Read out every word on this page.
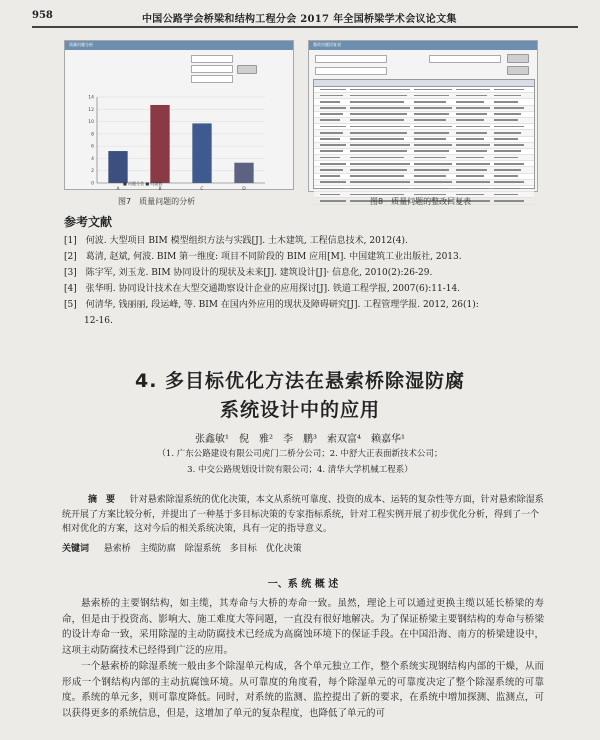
958	中国公路学会桥梁和结构工程分会 2017 年全国桥梁学术会议论文集
质量问题分析
0
2
4
6
8
10
12
14
A	B	C	D
■ 问题分类 ■ 问题数
图7　质量问题的分析
整改问题回复表
图8　质量问题的整改回复表
参考文献
[1]　何波. 大型项目 BIM 模型组织方法与实践[J]. 土木建筑, 工程信息技术, 2012(4).
[2]　葛清, 赵斌, 何波. BIM 第一维度: 项目不同阶段的 BIM 应用[M]. 中国建筑工业出版社, 2013.
[3]　陈宇军, 刘玉龙. BIM 协同设计的现状及未来[J]. 建筑设计[J]· 信息化, 2010(2):26-29.
[4]　张华明. 协同设计技术在大型交通勘察设计企业的应用探讨[J]. 铁道工程学报, 2007(6):11-14.
[5]　何清华, 钱丽丽, 段运峰, 等. BIM 在国内外应用的现状及障碍研究[J]. 工程管理学报. 2012, 26(1):
12-16.
4. 多目标优化方法在悬索桥除湿防腐
系统设计中的应用
张鑫敏¹　倪　雅²　李　鹏³　索双富⁴　赖嘉华¹
（1. 广东公路建设有限公司虎门二桥分公司；2. 中舒大正表面新技术公司；
3. 中交公路规划设计院有限公司；4. 清华大学机械工程系）
摘　要 　 针对悬索除湿系统的优化决策，本文从系统可靠度、投资的成本、运转的复杂性等方面，针对悬索除湿系统开展了方案比较分析，并提出了一种基于多目标决策的专家指标系统，针对工程实例开展了初步优化分析，得到了一个相对优化的方案，这对今后的相关系统决策，具有一定的指导意义。
关键词 　 悬索桥　主缆防腐　除湿系统　多目标　优化决策
一、系 统 概 述
悬索桥的主要钢结构，如主缆，其寿命与大桥的寿命一致。虽然，理论上可以通过更换主缆以延长桥梁的寿命，但是由于投资高、影响大、施工难度大等问题，一直没有很好地解决。为了保证桥梁主要钢结构的寿命与桥梁的设计寿命一致，采用除湿的主动防腐技术已经成为高腐蚀环境下的保证手段。在中国沿海、南方的桥梁建设中，这项主动防腐技术已经得到广泛的应用。
一个悬索桥的除湿系统一般由多个除湿单元构成，各个单元独立工作，整个系统实现钢结构内部的干燥，从而形成一个钢结构内部的主动抗腐蚀环境。从可靠度的角度看，每个除湿单元的可靠度决定了整个除湿系统的可靠度。系统的单元多，则可靠度降低。同时，对系统的监测、监控提出了新的要求，在系统中增加探测、监测点，可以获得更多的系统信息，但是，这增加了单元的复杂程度，也降低了单元的可
